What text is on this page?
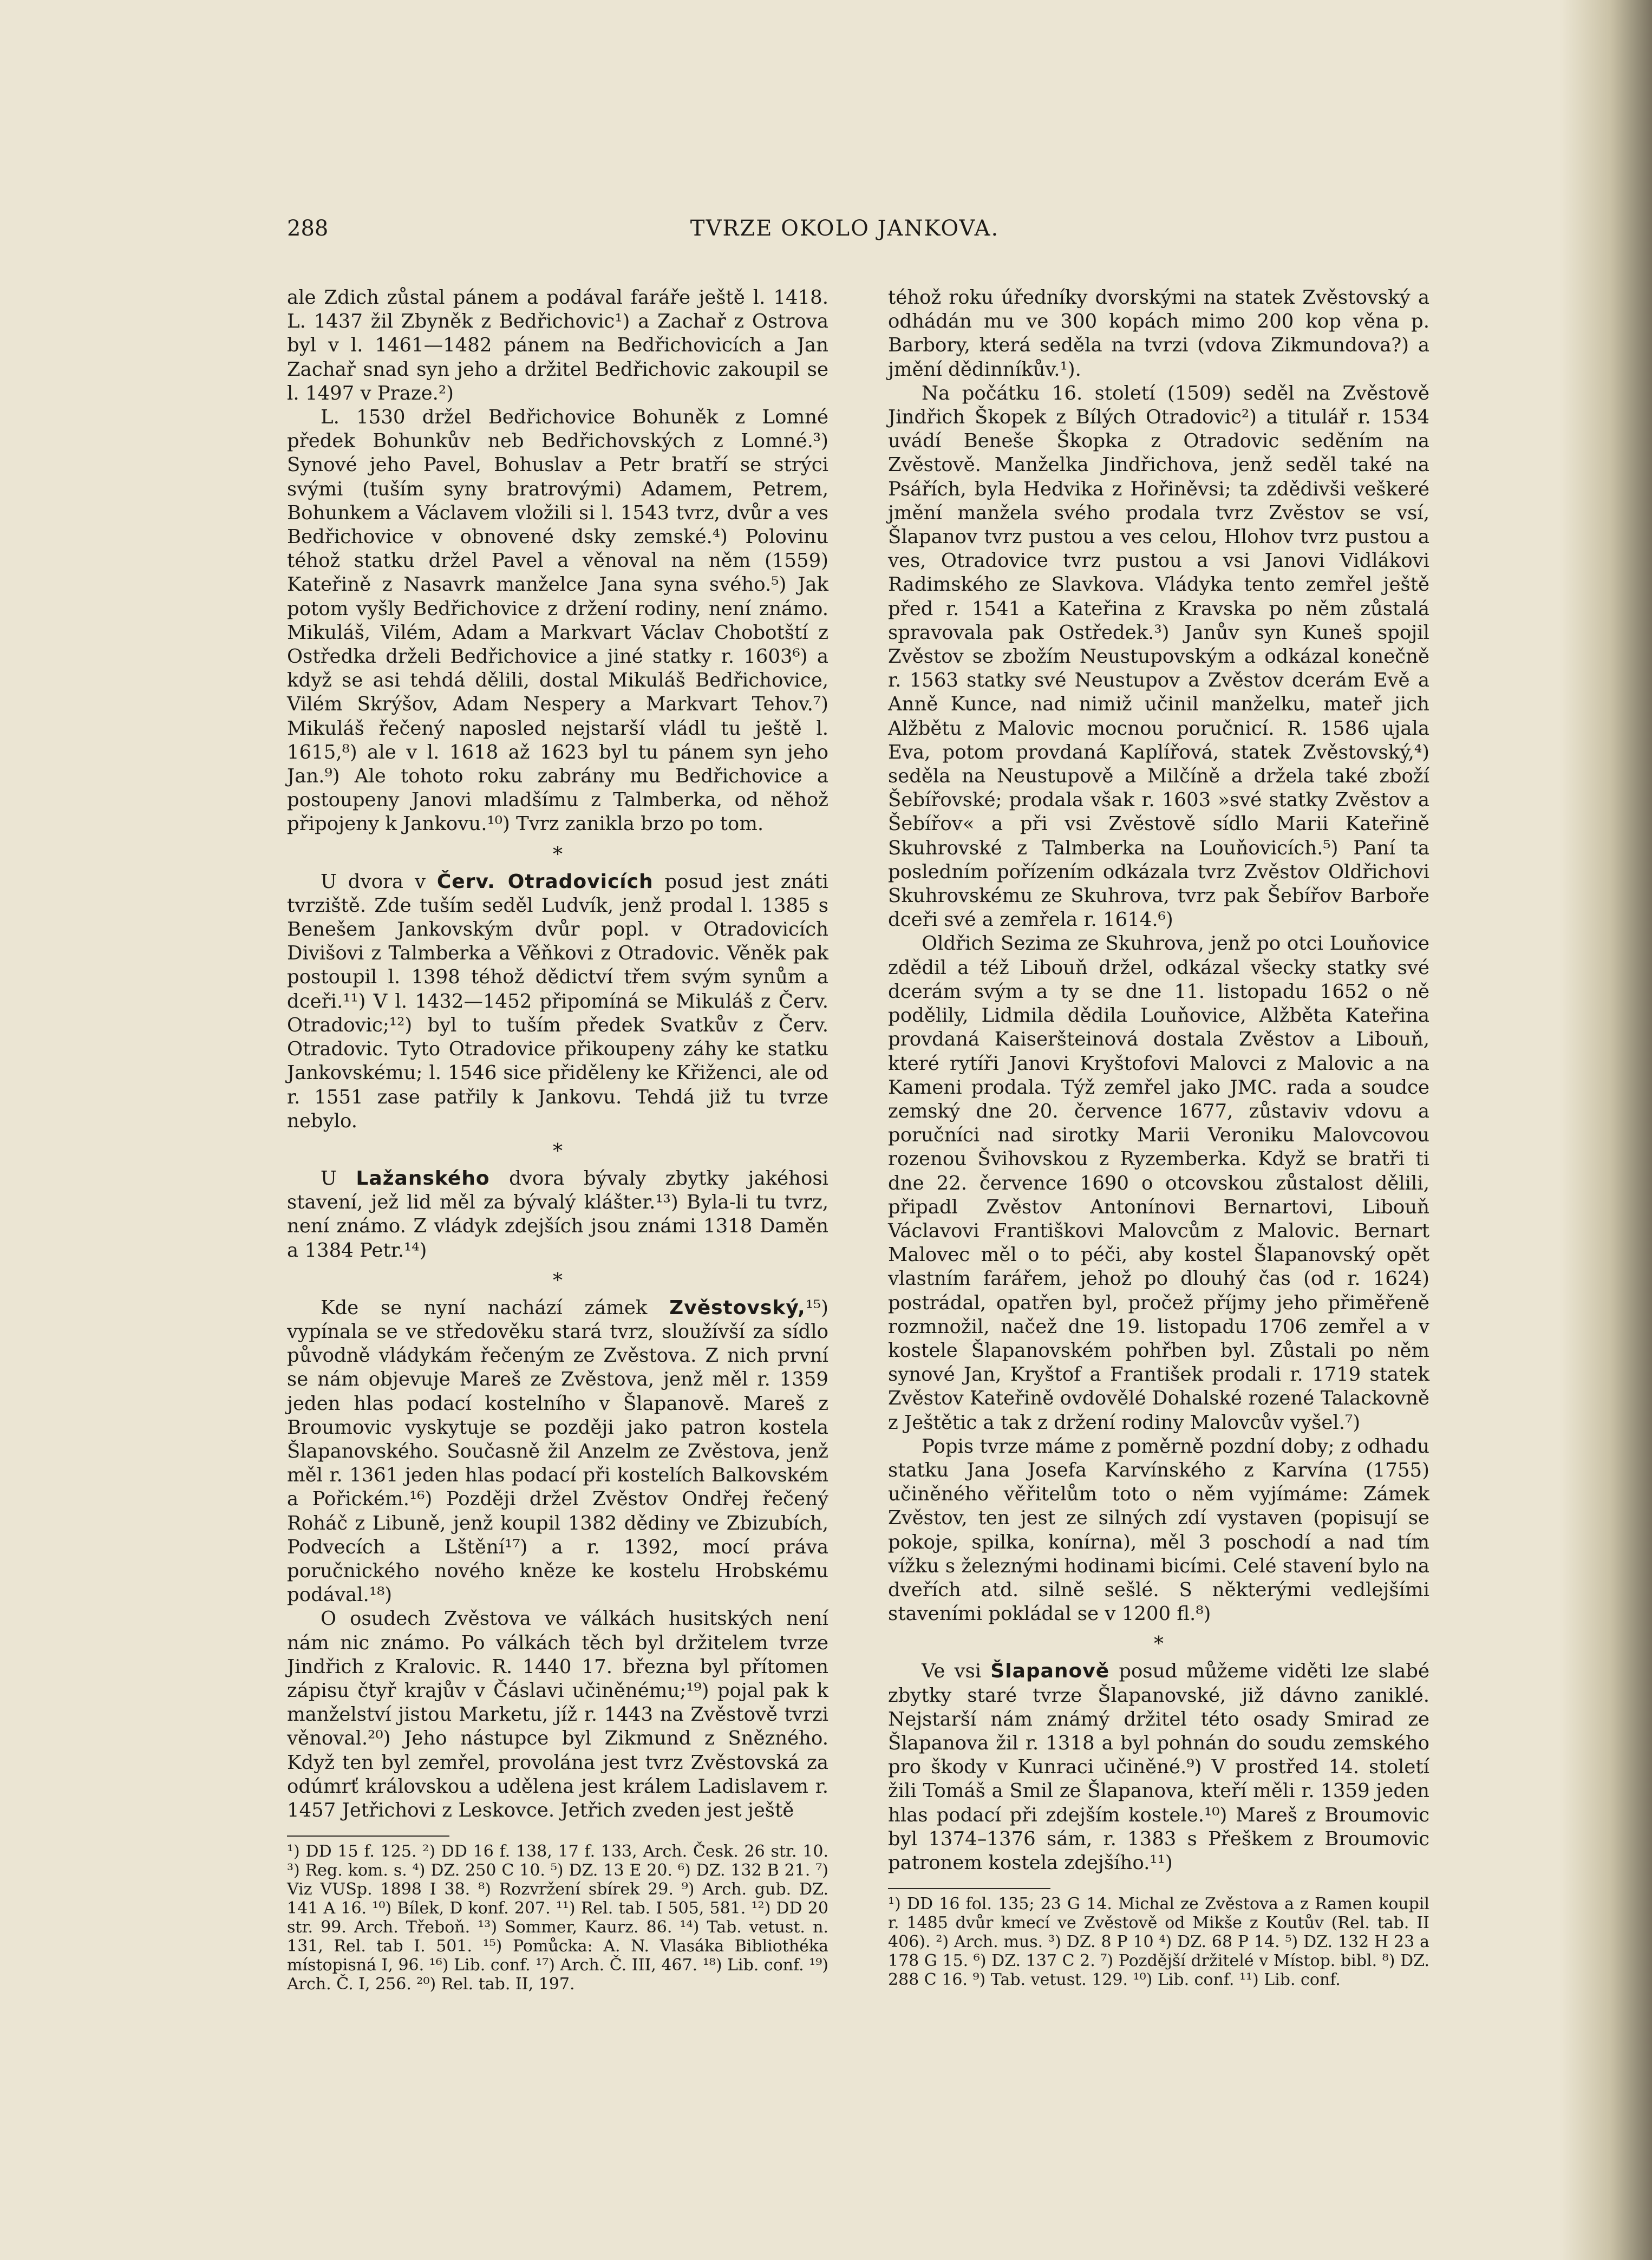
288	TVRZE OKOLO JANKOVA.

ale Zdich zůstal pánem a podával faráře ještě l. 1418. L. 1437 žil Zbyněk z Bedřichovic¹) a Zachař z Ostrova byl v l. 1461—1482 pánem na Bedřichovicích a Jan Zachař snad syn jeho a držitel Bedřichovic zakoupil se l. 1497 v Praze.²)

L. 1530 držel Bedřichovice Bohuněk z Lomné předek Bohunkův neb Bedřichovských z Lomné.³) Synové jeho Pavel, Bohuslav a Petr bratří se strýci svými (tuším syny bratrovými) Adamem, Petrem, Bohunkem a Václavem vložili si l. 1543 tvrz, dvůr a ves Bedřichovice v obnovené dsky zemské.⁴) Polovinu téhož statku držel Pavel a věnoval na něm (1559) Kateřině z Nasavrk manželce Jana syna svého.⁵) Jak potom vyšly Bedřichovice z držení rodiny, není známo. Mikuláš, Vilém, Adam a Markvart Václav Chobotští z Ostředka drželi Bedřichovice a jiné statky r. 1603⁶) a když se asi tehdá dělili, dostal Mikuláš Bedřichovice, Vilém Skrýšov, Adam Nespery a Markvart Tehov.⁷) Mikuláš řečený naposled nejstarší vládl tu ještě l. 1615,⁸) ale v l. 1618 až 1623 byl tu pánem syn jeho Jan.⁹) Ale tohoto roku zabrány mu Bedřichovice a postoupeny Janovi mladšímu z Talmberka, od něhož připojeny k Jankovu.¹⁰) Tvrz zanikla brzo po tom.

*

U dvora v Červ. Otradovicích posud jest znáti tvrziště. Zde tuším seděl Ludvík, jenž prodal l. 1385 s Benešem Jankovským dvůr popl. v Otradovicích Divišovi z Talmberka a Věňkovi z Otradovic. Věněk pak postoupil l. 1398 téhož dědictví třem svým synům a dceři.¹¹) V l. 1432—1452 připomíná se Mikuláš z Červ. Otradovic;¹²) byl to tuším předek Svatkův z Červ. Otradovic. Tyto Otradovice přikoupeny záhy ke statku Jankovskému; l. 1546 sice přiděleny ke Křiženci, ale od r. 1551 zase patřily k Jankovu. Tehdá již tu tvrze nebylo.

*

U Lažanského dvora bývaly zbytky jakéhosi stavení, jež lid měl za bývalý klášter.¹³) Byla-li tu tvrz, není známo. Z vládyk zdejších jsou známi 1318 Daměn a 1384 Petr.¹⁴)

*

Kde se nyní nachází zámek Zvěstovský,¹⁵) vypínala se ve středověku stará tvrz, sloužívší za sídlo původně vládykám řečeným ze Zvěstova. Z nich první se nám objevuje Mareš ze Zvěstova, jenž měl r. 1359 jeden hlas podací kostelního v Šlapanově. Mareš z Broumovic vyskytuje se později jako patron kostela Šlapanovského. Současně žil Anzelm ze Zvěstova, jenž měl r. 1361 jeden hlas podací při kostelích Balkovském a Pořickém.¹⁶) Později držel Zvěstov Ondřej řečený Roháč z Libuně, jenž koupil 1382 dědiny ve Zbizubích, Podvecích a Lštění¹⁷) a r. 1392, mocí práva poručnického nového kněze ke kostelu Hrobskému podával.¹⁸)

O osudech Zvěstova ve válkách husitských není nám nic známo. Po válkách těch byl držitelem tvrze Jindřich z Kralovic. R. 1440 17. března byl přítomen zápisu čtyř krajův v Čáslavi učiněnému;¹⁹) pojal pak k manželství jistou Marketu, jíž r. 1443 na Zvěstově tvrzi věnoval.²⁰) Jeho nástupce byl Zikmund z Snězného. Když ten byl zemřel, provolána jest tvrz Zvěstovská za odúmrť královskou a udělena jest králem Ladislavem r. 1457 Jetřichovi z Leskovce. Jetřich zveden jest ještě

¹) DD 15 f. 125. ²) DD 16 f. 138, 17 f. 133, Arch. Česk. 26 str. 10. ³) Reg. kom. s. ⁴) DZ. 250 C 10. ⁵) DZ. 13 E 20. ⁶) DZ. 132 B 21. ⁷) Viz VUSp. 1898 I 38. ⁸) Rozvržení sbírek 29. ⁹) Arch. gub. DZ. 141 A 16. ¹⁰) Bílek, D konf. 207. ¹¹) Rel. tab. I 505, 581. ¹²) DD 20 str. 99. Arch. Třeboň. ¹³) Sommer, Kaurz. 86. ¹⁴) Tab. vetust. n. 131, Rel. tab I. 501. ¹⁵) Pomůcka: A. N. Vlasáka Bibliothéka místopisná I, 96. ¹⁶) Lib. conf. ¹⁷) Arch. Č. III, 467. ¹⁸) Lib. conf. ¹⁹) Arch. Č. I, 256. ²⁰) Rel. tab. II, 197.

téhož roku úředníky dvorskými na statek Zvěstovský a odhádán mu ve 300 kopách mimo 200 kop věna p. Barbory, která seděla na tvrzi (vdova Zikmundova?) a jmění dědinníkův.¹).

Na počátku 16. století (1509) seděl na Zvěstově Jindřich Škopek z Bílých Otradovic²) a titulář r. 1534 uvádí Beneše Škopka z Otradovic seděním na Zvěstově. Manželka Jindřichova, jenž seděl také na Psářích, byla Hedvika z Hořiněvsi; ta zdědivši veškeré jmění manžela svého prodala tvrz Zvěstov se vsí, Šlapanov tvrz pustou a ves celou, Hlohov tvrz pustou a ves, Otradovice tvrz pustou a vsi Janovi Vidlákovi Radimského ze Slavkova. Vládyka tento zemřel ještě před r. 1541 a Kateřina z Kravska po něm zůstalá spravovala pak Ostředek.³) Janův syn Kuneš spojil Zvěstov se zbožím Neustupovským a odkázal konečně r. 1563 statky své Neustupov a Zvěstov dcerám Evě a Anně Kunce, nad nimiž učinil manželku, mateř jich Alžbětu z Malovic mocnou poručnicí. R. 1586 ujala Eva, potom provdaná Kaplířová, statek Zvěstovský,⁴) seděla na Neustupově a Milčíně a držela také zboží Šebířovské; prodala však r. 1603 »své statky Zvěstov a Šebířov« a při vsi Zvěstově sídlo Marii Kateřině Skuhrovské z Talmberka na Louňovicích.⁵) Paní ta posledním pořízením odkázala tvrz Zvěstov Oldřichovi Skuhrovskému ze Skuhrova, tvrz pak Šebířov Barboře dceři své a zemřela r. 1614.⁶)

Oldřich Sezima ze Skuhrova, jenž po otci Louňovice zdědil a též Libouň držel, odkázal všecky statky své dcerám svým a ty se dne 11. listopadu 1652 o ně podělily, Lidmila dědila Louňovice, Alžběta Kateřina provdaná Kaiseršteinová dostala Zvěstov a Libouň, které rytíři Janovi Kryštofovi Malovci z Malovic a na Kameni prodala. Týž zemřel jako JMC. rada a soudce zemský dne 20. července 1677, zůstaviv vdovu a poručníci nad sirotky Marii Veroniku Malovcovou rozenou Švihovskou z Ryzemberka. Když se bratři ti dne 22. července 1690 o otcovskou zůstalost dělili, připadl Zvěstov Antonínovi Bernartovi, Libouň Václavovi Františkovi Malovcům z Malovic. Bernart Malovec měl o to péči, aby kostel Šlapanovský opět vlastním farářem, jehož po dlouhý čas (od r. 1624) postrádal, opatřen byl, pročež příjmy jeho přiměřeně rozmnožil, načež dne 19. listopadu 1706 zemřel a v kostele Šlapanovském pohřben byl. Zůstali po něm synové Jan, Kryštof a František prodali r. 1719 statek Zvěstov Kateřině ovdovělé Dohalské rozené Talackovně z Ještětic a tak z držení rodiny Malovcův vyšel.⁷)

Popis tvrze máme z poměrně pozdní doby; z odhadu statku Jana Josefa Karvínského z Karvína (1755) učiněného věřitelům toto o něm vyjímáme: Zámek Zvěstov, ten jest ze silných zdí vystaven (popisují se pokoje, spilka, konírna), měl 3 poschodí a nad tím vížku s železnými hodinami bicími. Celé stavení bylo na dveřích atd. silně sešlé. S některými vedlejšími staveními pokládal se v 1200 fl.⁸)

*

Ve vsi Šlapanově posud můžeme viděti lze slabé zbytky staré tvrze Šlapanovské, již dávno zaniklé. Nejstarší nám známý držitel této osady Smirad ze Šlapanova žil r. 1318 a byl pohnán do soudu zemského pro škody v Kunraci učiněné.⁹) V prostřed 14. století žili Tomáš a Smil ze Šlapanova, kteří měli r. 1359 jeden hlas podací při zdejším kostele.¹⁰) Mareš z Broumovic byl 1374–1376 sám, r. 1383 s Přeškem z Broumovic patronem kostela zdejšího.¹¹)

¹) DD 16 fol. 135; 23 G 14. Michal ze Zvěstova a z Ramen koupil r. 1485 dvůr kmecí ve Zvěstově od Mikše z Koutův (Rel. tab. II 406). ²) Arch. mus. ³) DZ. 8 P 10 ⁴) DZ. 68 P 14. ⁵) DZ. 132 H 23 a 178 G 15. ⁶) DZ. 137 C 2. ⁷) Pozdější držitelé v Místop. bibl. ⁸) DZ. 288 C 16. ⁹) Tab. vetust. 129. ¹⁰) Lib. conf. ¹¹) Lib. conf.
